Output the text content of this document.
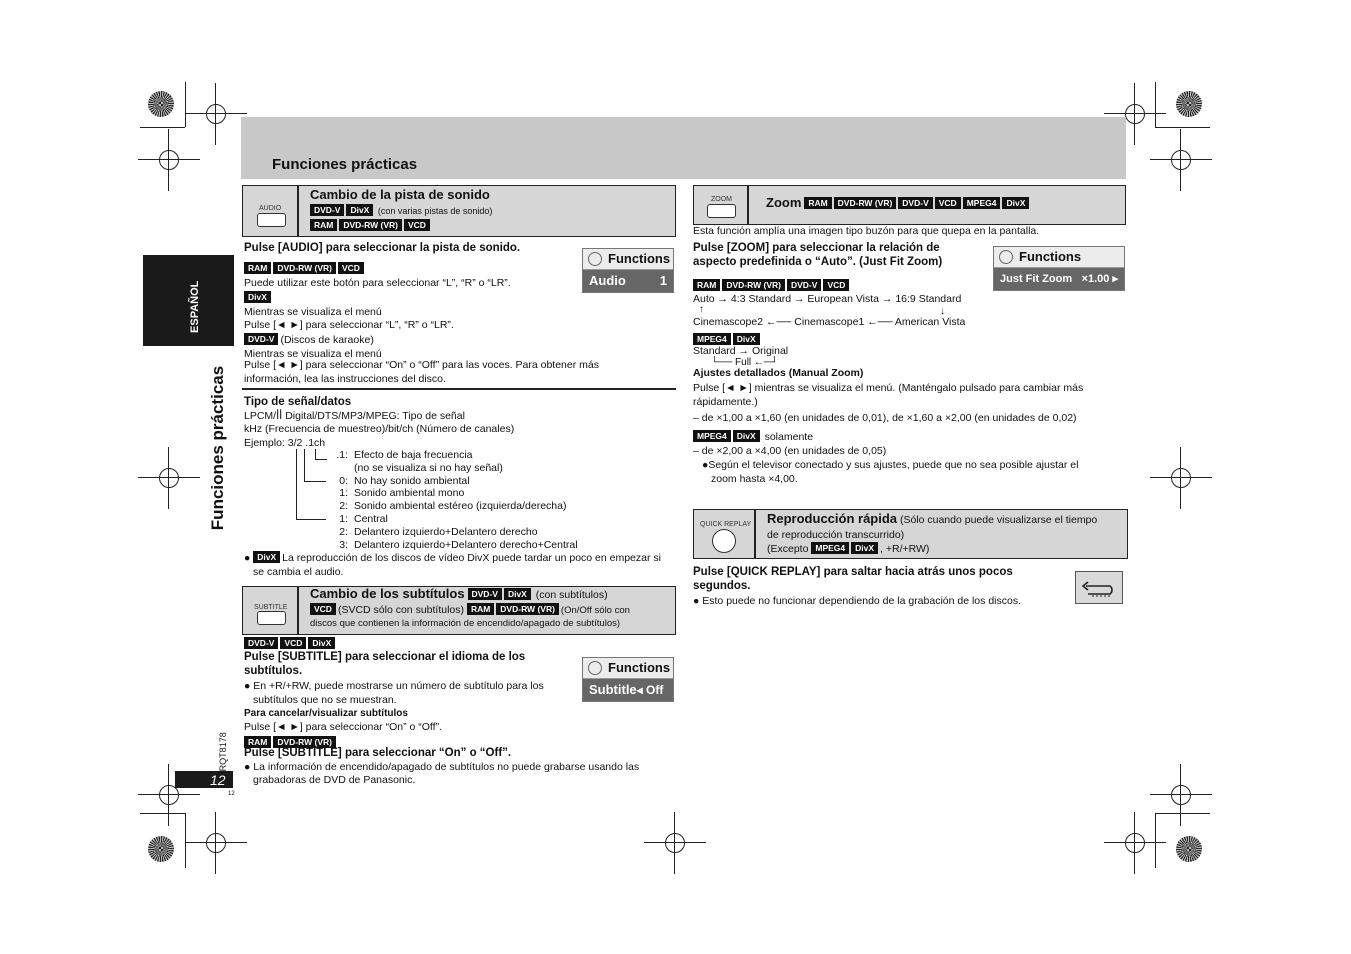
Funciones prácticas
ESPAÑOL
Funciones prácticas
RQT8178
12
12
AUDIO
Cambio de la pista de sonido
DVD-V DivX (con varias pistas de sonido)
RAM DVD-RW (VR) VCD
Pulse [AUDIO] para seleccionar la pista de sonido.
Functions
Audio	1

RAM DVD-RW (VR) VCD

Puede utilizar este botón para seleccionar “L”, “R” o “LR”.

DivX

Mientras se visualiza el menú

Pulse [◄ ►] para seleccionar “L”, “R” o “LR”.

DVD-V (Discos de karaoke)

Mientras se visualiza el menú

Pulse [◄ ►] para seleccionar “On” o “Off” para las voces. Para obtener más

información, lea las instrucciones del disco.

Tipo de señal/datos

LPCM/ꟾꟾ Digital/DTS/MP3/MPEG: Tipo de señal

kHz (Frecuencia de muestreo)/bit/ch (Número de canales)

Ejemplo: 3/2 .1ch

.1:	Efecto de baja frecuencia
	(no se visualiza si no hay señal)
0:	No hay sonido ambiental
1:	Sonido ambiental mono
2:	Sonido ambiental estéreo (izquierda/derecha)
1:	Central
2:	Delantero izquierdo+Delantero derecho
3:	Delantero izquierdo+Delantero derecho+Central

● DivX La reproducción de los discos de vídeo DivX puede tardar un poco en empezar si

se cambia el audio.

SUBTITLE
Cambio de los subtítulos DVD-V DivX (con subtítulos)
VCD (SVCD sólo con subtítulos) RAM DVD-RW (VR) (On/Off sólo con
discos que contienen la información de encendido/apagado de subtítulos)
DVD-V VCD DivX

Pulse [SUBTITLE] para seleccionar el idioma de los

subtítulos.	Functions
Subtitle ◂ Off ▸

● En +R/+RW, puede mostrarse un número de subtítulo para los

subtítulos que no se muestran.

Para cancelar/visualizar subtítulos

Pulse [◄ ►] para seleccionar “On” o “Off”.

RAM DVD-RW (VR)

Pulse [SUBTITLE] para seleccionar “On” o “Off”.

● La información de encendido/apagado de subtítulos no puede grabarse usando las

grabadoras de DVD de Panasonic.

ZOOM	Zoom RAM DVD-RW (VR) DVD-V VCD MPEG4 DivX
Esta función amplía una imagen tipo buzón para que quepa en la pantalla.

Pulse [ZOOM] para seleccionar la relación de

aspecto predefinida o “Auto”. (Just Fit Zoom)	Functions
Just Fit Zoom ×1.00 ▸
RAM DVD-RW (VR) DVD-V VCD
Auto → 4:3 Standard → European Vista → 16:9 Standard
↑	↓
Cinemascope2 ←── Cinemascope1 ←── American Vista
MPEG4 DivX
Standard → Original
└── Full ←─┘

Ajustes detallados (Manual Zoom)

Pulse [◄ ►] mientras se visualiza el menú. (Manténgalo pulsado para cambiar más

rápidamente.)

– de ×1,00 a ×1,60 (en unidades de 0,01), de ×1,60 a ×2,00 (en unidades de 0,02)

MPEG4 DivX solamente

– de ×2,00 a ×4,00 (en unidades de 0,05)

●Según el televisor conectado y sus ajustes, puede que no sea posible ajustar el

zoom hasta ×4,00.

QUICK REPLAY Reproducción rápida (Sólo cuando puede visualizarse el tiempo
de reproducción transcurrido)
(Excepto MPEG4 DivX , +R/+RW)

Pulse [QUICK REPLAY] para saltar hacia atrás unos pocos

segundos.

● Esto puede no funcionar dependiendo de la grabación de los discos.
